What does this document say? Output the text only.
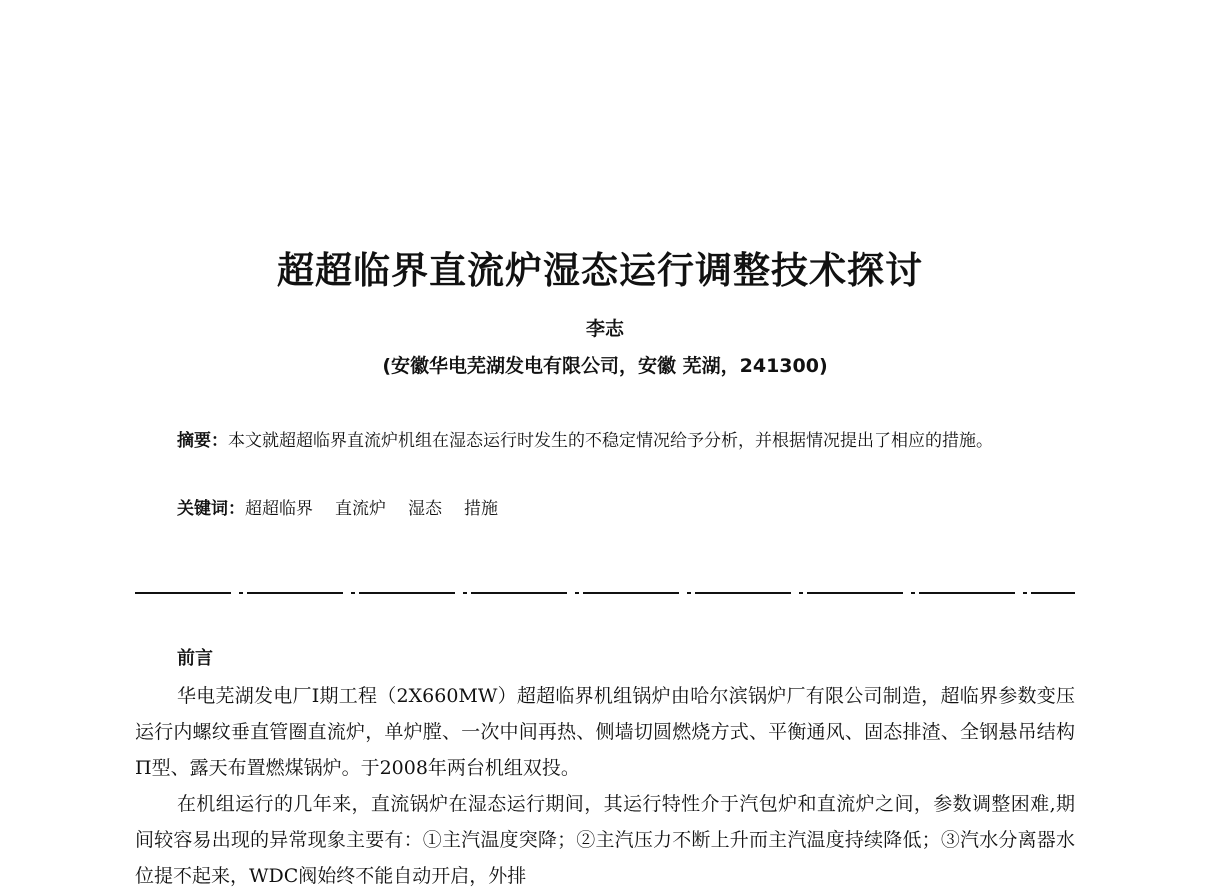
超超临界直流炉湿态运行调整技术探讨
李志
(安徽华电芜湖发电有限公司，安徽 芜湖，241300)
摘要：本文就超超临界直流炉机组在湿态运行时发生的不稳定情况给予分析，并根据情况提出了相应的措施。
关键词：超超临界 直流炉 湿态 措施
前言

华电芜湖发电厂Ⅰ期工程（2X660MW）超超临界机组锅炉由哈尔滨锅炉厂有限公司制造，超临界参数变压运行内螺纹垂直管圈直流炉，单炉膛、一次中间再热、侧墙切圆燃烧方式、平衡通风、固态排渣、全钢悬吊结构Π型、露天布置燃煤锅炉。于2008年两台机组双投。

在机组运行的几年来，直流锅炉在湿态运行期间，其运行特性介于汽包炉和直流炉之间，参数调整困难,期间较容易出现的异常现象主要有：①主汽温度突降；②主汽压力不断上升而主汽温度持续降低；③汽水分离器水位提不起来，WDC阀始终不能自动开启，外排
